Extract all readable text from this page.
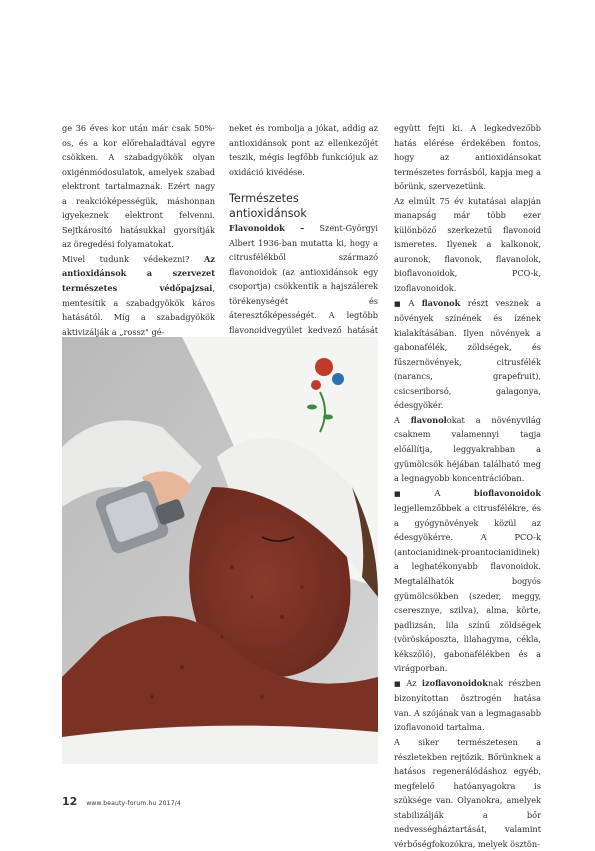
ge 36 éves kor után már csak 50%-os, és a kor előrehaladtával egyre csökken. A szabadgyökök olyan oxigénmódosulatok, amelyek szabad elektront tartalmaznak. Ezért nagy a reakcióképességük, máshonnan igyekeznek elektront felvenni. Sejtkárosító hatásukkal gyorsítják az öregedési folyamatokat.

Mivel tudunk védekezni? Az antioxidánsok a szervezet természetes védőpajzsai, mentesítik a szabadgyökök káros hatásától. Míg a szabadgyökök aktivizálják a „rossz" gé-

neket és rombolja a jókat, addig az antioxidánsok pont az ellenkezőjét teszik, mégis legfőbb funkciójuk az oxidáció kivédése.

Természetes antioxidánsok

Flavonoidok – Szent-Györgyi Albert 1936-ban mutatta ki, hogy a citrusfélékből származó flavonoidok (az antioxidánsok egy csoportja) csökkentik a hajszálerek törékenységét és áteresztőképességét. A legtöbb flavonoidvegyület kedvező hatását

együtt fejti ki. A legkedvezőbb hatás elérése érdekében fontos, hogy az antioxidánsokat természetes forrásból, kapja meg a bőrünk, szervezetünk.

Az elmúlt 75 év kutatásai alapján manapság már több ezer különböző szerkezetű flavonoid ismeretes. Ilyenek a kalkonok, auronok, flavonok, flavanolok, bioflavonoidok, PCO-k, izoflavonoidok.

■ A flavonok részt vesznek a növények színének és ízének kialakításában. Ilyen növények a gabonafélék, zöldségek, és fűszernövények, citrusfélék (narancs, grapefruit), csicseriborsó, galagonya, édesgyökér.

A flavonolokat a növényvilág csaknem valamennyi tagja előállítja, leggyakrabban a gyümölcsök héjában található meg a legnagyobb koncentrációban.

■ A bioflavonoidok legjellemzőbbek a citrusfélékre, és a gyógynövények közül az édesgyökérre. A PCO-k (antocianidinek-proantocianidinek) a leghatékonyabb flavonoidok. Megtalálhatók bogyós gyümölcsökben (szeder, meggy, cseresznye, szilva), alma, körte, padlizsán, lila színű zöldségek (vöröskáposzta, lilahagyma, cékla, kékszőlő), gabonafélékben és a virágporban.

■ Az izoflavonoidoknak részben bizonyítottan ösztrogén hatása van. A szójának van a legmagasabb izoflavonoid tartalma.

A siker természetesen a részletekben rejtőzik. Bőrünknek a hatásos regenerálódáshoz egyéb, megfelelő hatóanyagokra is szüksége van. Olyanokra, amelyek stabilizálják a bőr nedvességháztartását, valamint vérbőségfokozókra, melyek ösztön-

12 www.beauty-forum.hu 2017/4
